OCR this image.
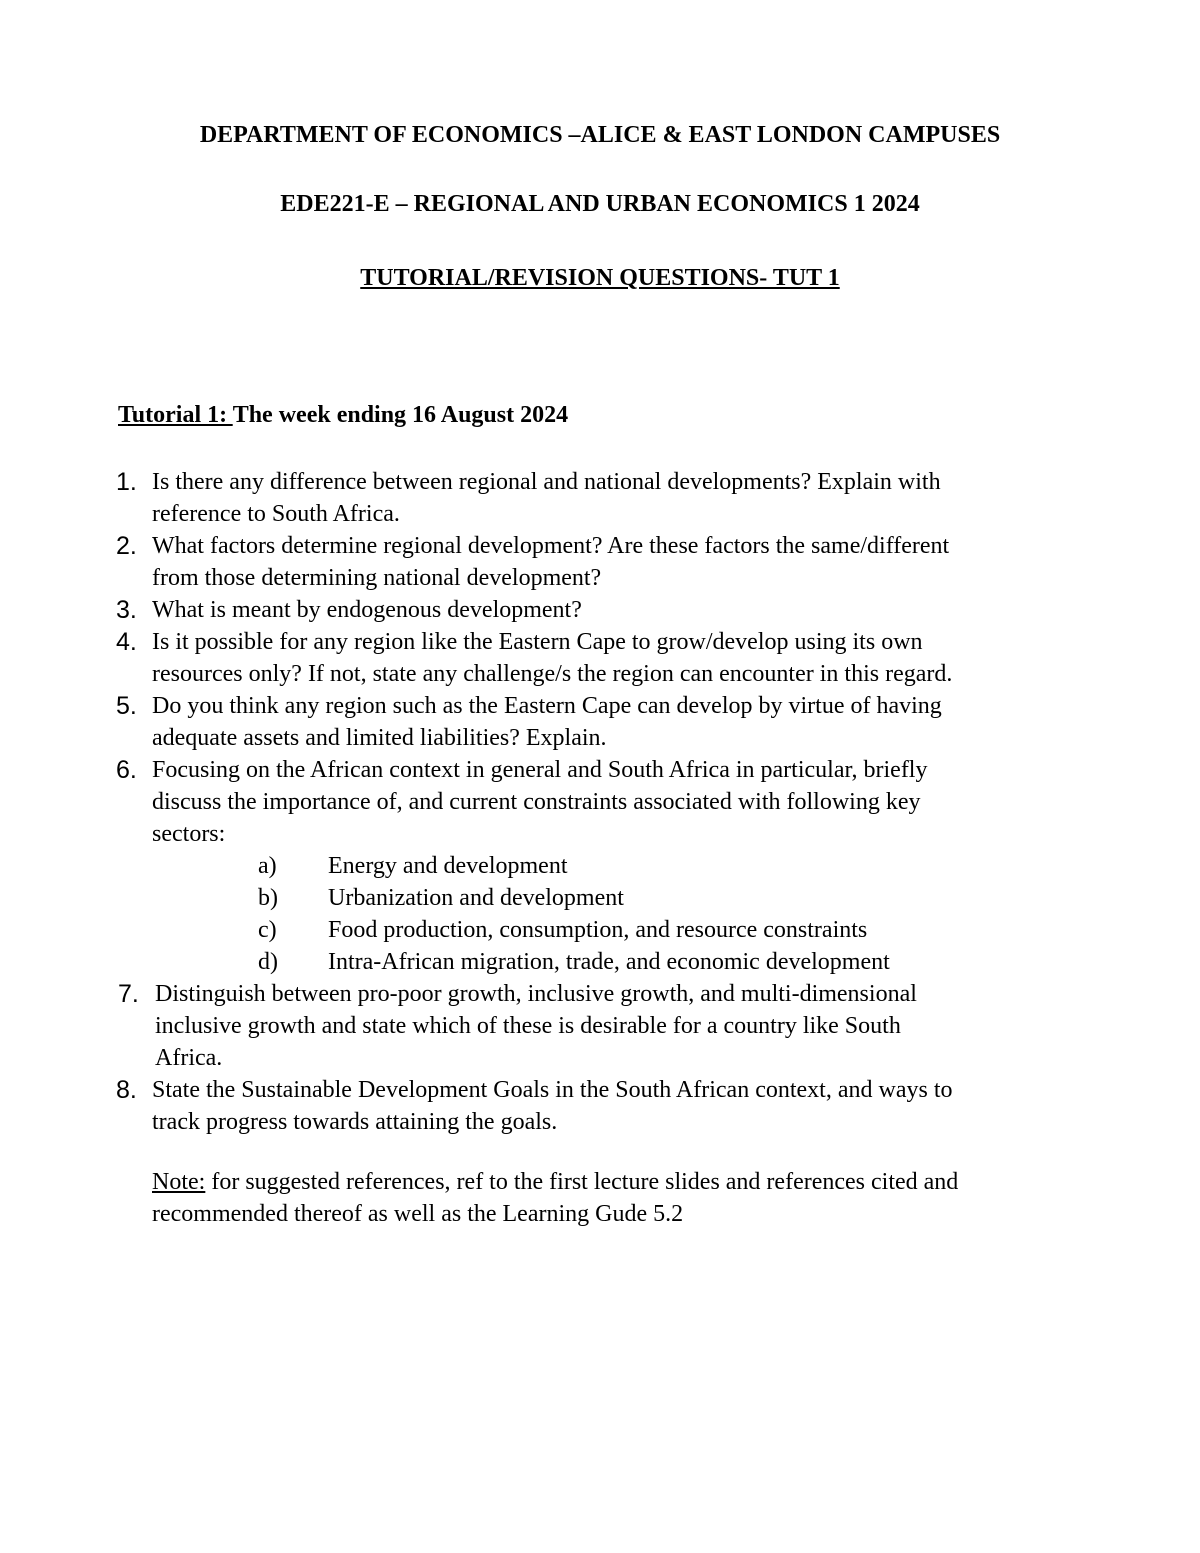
DEPARTMENT OF ECONOMICS –ALICE & EAST LONDON CAMPUSES
EDE221-E – REGIONAL AND URBAN ECONOMICS 1 2024
TUTORIAL/REVISION QUESTIONS- TUT 1
Tutorial 1: The week ending 16 August 2024
1. Is there any difference between regional and national developments? Explain with
reference to South Africa.
2. What factors determine regional development? Are these factors the same/different
from those determining national development?
3. What is meant by endogenous development?
4. Is it possible for any region like the Eastern Cape to grow/develop using its own
resources only? If not, state any challenge/s the region can encounter in this regard.
5. Do you think any region such as the Eastern Cape can develop by virtue of having
adequate assets and limited liabilities? Explain.
6. Focusing on the African context in general and South Africa in particular, briefly
discuss the importance of, and current constraints associated with following key
sectors:
a) Energy and development
b) Urbanization and development
c) Food production, consumption, and resource constraints
d) Intra-African migration, trade, and economic development
7. Distinguish between pro-poor growth, inclusive growth, and multi-dimensional
inclusive growth and state which of these is desirable for a country like South
Africa.
8. State the Sustainable Development Goals in the South African context, and ways to
track progress towards attaining the goals.
Note: for suggested references, ref to the first lecture slides and references cited and
recommended thereof as well as the Learning Gude 5.2
